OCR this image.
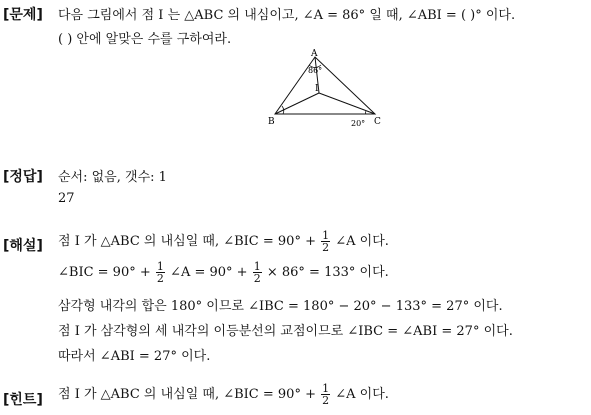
[문제] 다음 그림에서 점 I 는 △ABC 의 내심이고, ∠A = 86° 일 때, ∠ABI = ( )° 이다.
( ) 안에 알맞은 수를 구하여라.
A
B	C
I
86°
20°
[정답] 순서: 없음, 갯수: 1
27
[해설] 점 I 가 △ABC 의 내심일 때, ∠BIC = $90^\circ + \frac{1}{2}$ ∠A 이다.
∠BIC = $90^\circ + \frac{1}{2}$ ∠A = $90^\circ + \frac{1}{2} \times 86^\circ = 133^\circ$ 이다.
삼각형 내각의 합은 180° 이므로 ∠IBC = 180° − 20° − 133° = 27° 이다.
점 I 가 삼각형의 세 내각의 이등분선의 교점이므로 ∠IBC = ∠ABI = 27° 이다.
따라서 ∠ABI = 27° 이다.
[힌트] 점 I 가 △ABC 의 내심일 때, ∠BIC = $90^\circ + \frac{1}{2}$ ∠A 이다.
